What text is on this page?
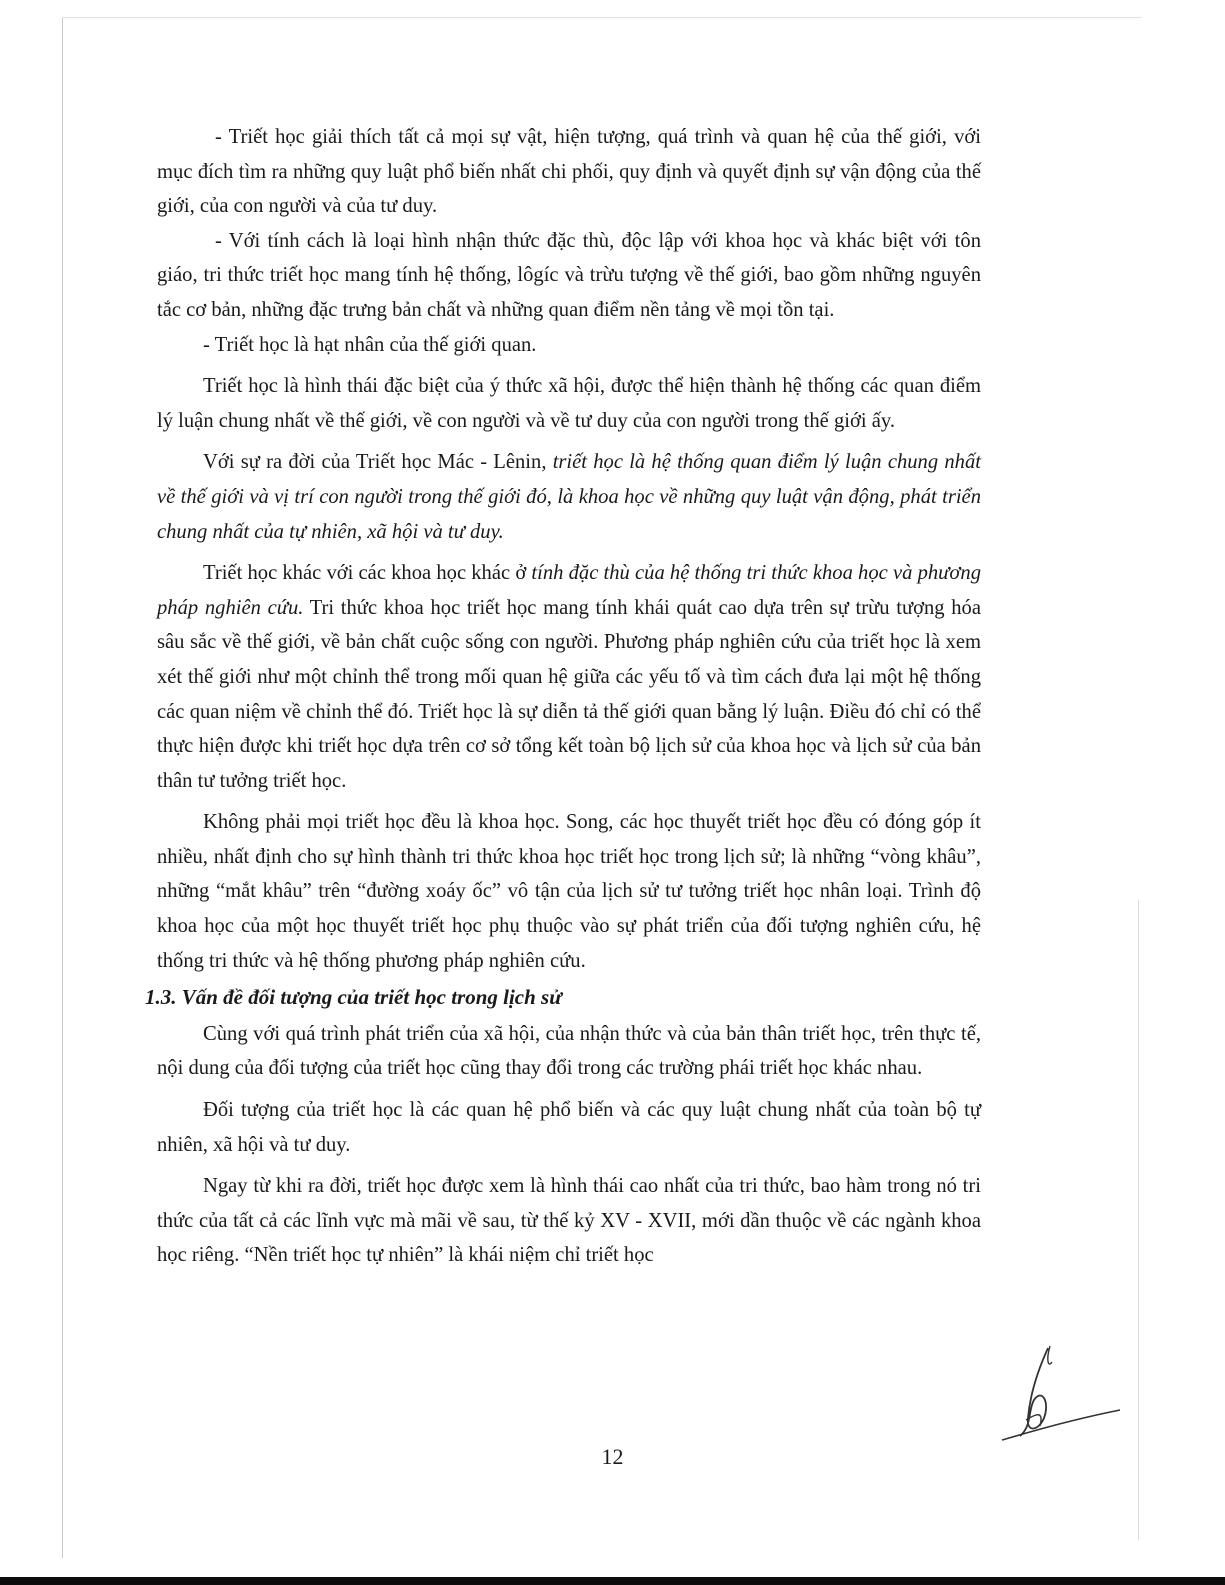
- Triết học giải thích tất cả mọi sự vật, hiện tượng, quá trình và quan hệ của thế giới, với mục đích tìm ra những quy luật phổ biến nhất chi phối, quy định và quyết định sự vận động của thế giới, của con người và của tư duy.

- Với tính cách là loại hình nhận thức đặc thù, độc lập với khoa học và khác biệt với tôn giáo, tri thức triết học mang tính hệ thống, lôgíc và trừu tượng về thế giới, bao gồm những nguyên tắc cơ bản, những đặc trưng bản chất và những quan điểm nền tảng về mọi tồn tại.

- Triết học là hạt nhân của thế giới quan.

Triết học là hình thái đặc biệt của ý thức xã hội, được thể hiện thành hệ thống các quan điểm lý luận chung nhất về thế giới, về con người và về tư duy của con người trong thế giới ấy.

Với sự ra đời của Triết học Mác - Lênin, triết học là hệ thống quan điểm lý luận chung nhất về thế giới và vị trí con người trong thế giới đó, là khoa học về những quy luật vận động, phát triển chung nhất của tự nhiên, xã hội và tư duy.

Triết học khác với các khoa học khác ở tính đặc thù của hệ thống tri thức khoa học và phương pháp nghiên cứu. Tri thức khoa học triết học mang tính khái quát cao dựa trên sự trừu tượng hóa sâu sắc về thế giới, về bản chất cuộc sống con người. Phương pháp nghiên cứu của triết học là xem xét thế giới như một chỉnh thể trong mối quan hệ giữa các yếu tố và tìm cách đưa lại một hệ thống các quan niệm về chỉnh thể đó. Triết học là sự diễn tả thế giới quan bằng lý luận. Điều đó chỉ có thể thực hiện được khi triết học dựa trên cơ sở tổng kết toàn bộ lịch sử của khoa học và lịch sử của bản thân tư tưởng triết học.

Không phải mọi triết học đều là khoa học. Song, các học thuyết triết học đều có đóng góp ít nhiều, nhất định cho sự hình thành tri thức khoa học triết học trong lịch sử; là những “vòng khâu”, những “mắt khâu” trên “đường xoáy ốc” vô tận của lịch sử tư tưởng triết học nhân loại. Trình độ khoa học của một học thuyết triết học phụ thuộc vào sự phát triển của đối tượng nghiên cứu, hệ thống tri thức và hệ thống phương pháp nghiên cứu.

1.3. Vấn đề đối tượng của triết học trong lịch sử

Cùng với quá trình phát triển của xã hội, của nhận thức và của bản thân triết học, trên thực tế, nội dung của đối tượng của triết học cũng thay đổi trong các trường phái triết học khác nhau.

Đối tượng của triết học là các quan hệ phổ biến và các quy luật chung nhất của toàn bộ tự nhiên, xã hội và tư duy.

Ngay từ khi ra đời, triết học được xem là hình thái cao nhất của tri thức, bao hàm trong nó tri thức của tất cả các lĩnh vực mà mãi về sau, từ thế kỷ XV - XVII, mới dần thuộc về các ngành khoa học riêng. “Nền triết học tự nhiên” là khái niệm chỉ triết học

12
